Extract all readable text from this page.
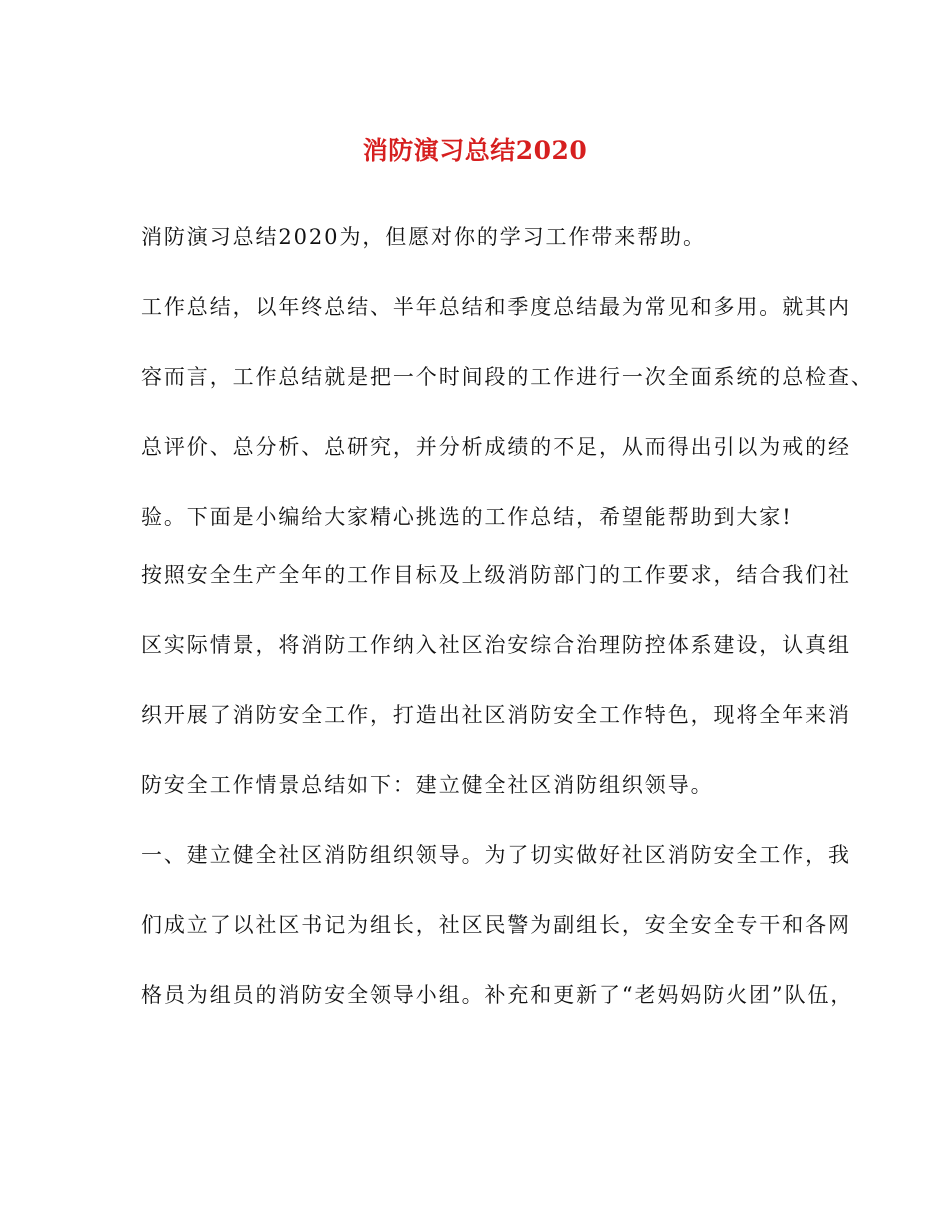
消防演习总结2020
消防演习总结2020为，但愿对你的学习工作带来帮助。
工作总结，以年终总结、半年总结和季度总结最为常见和多用。就其内
容而言，工作总结就是把一个时间段的工作进行一次全面系统的总检查、
总评价、总分析、总研究，并分析成绩的不足，从而得出引以为戒的经
验。下面是小编给大家精心挑选的工作总结，希望能帮助到大家!
按照安全生产全年的工作目标及上级消防部门的工作要求，结合我们社
区实际情景，将消防工作纳入社区治安综合治理防控体系建设，认真组
织开展了消防安全工作，打造出社区消防安全工作特色，现将全年来消
防安全工作情景总结如下：建立健全社区消防组织领导。
一、建立健全社区消防组织领导。为了切实做好社区消防安全工作，我
们成立了以社区书记为组长，社区民警为副组长，安全安全专干和各网
格员为组员的消防安全领导小组。补充和更新了“老妈妈防火团”队伍，
